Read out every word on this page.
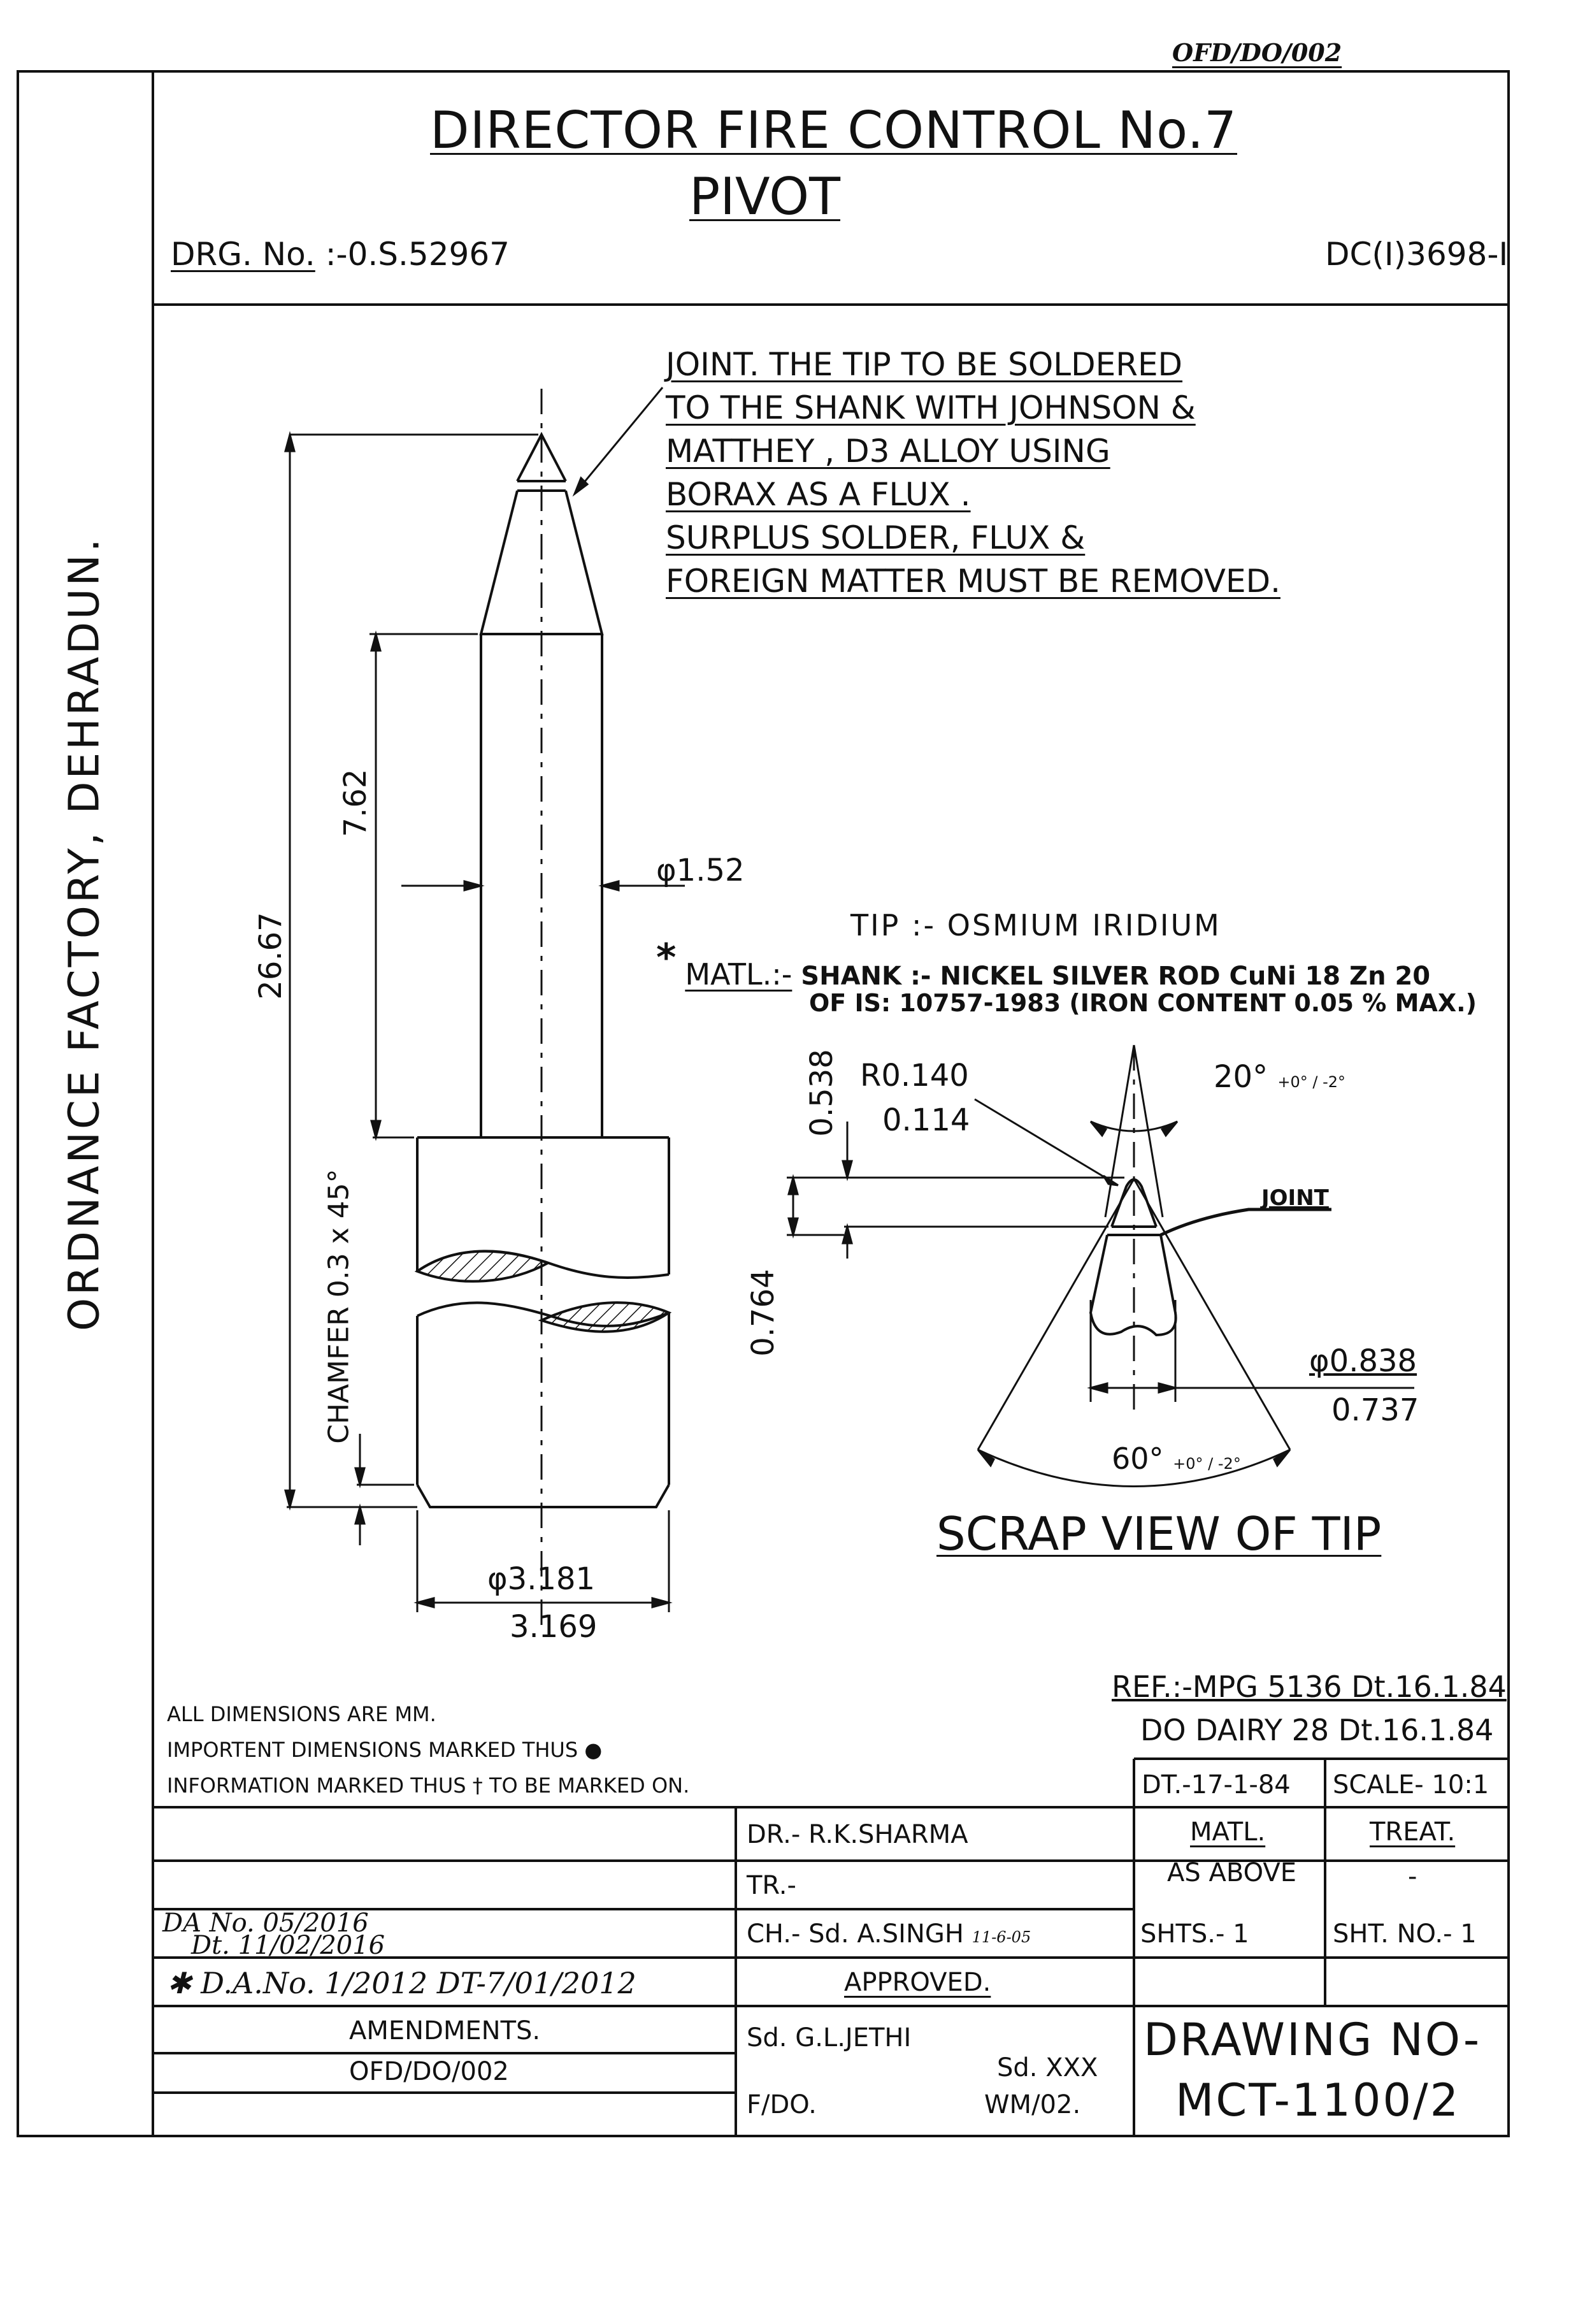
OFD/DO/002
DIRECTOR FIRE CONTROL No.7
PIVOT
DRG. No. :-0.S.52967	DC(I)3698-I
ORDNANCE FACTORY, DEHRADUN.
JOINT. THE TIP TO BE SOLDERED
TO THE SHANK WITH JOHNSON &
MATTHEY , D3 ALLOY USING
BORAX AS A FLUX .
SURPLUS SOLDER, FLUX &
FOREIGN MATTER MUST BE REMOVED.
26.67
7.62
φ1.52
CHAMFER 0.3 x 45°
φ3.181
3.169
TIP :- OSMIUM IRIDIUM
* MATL.:- SHANK :- NICKEL SILVER ROD CuNi 18 Zn 20
OF IS: 10757-1983 (IRON CONTENT 0.05 % MAX.)
R0.140
0.114
0.538
0.764
20° +0° / -2°
JOINT
φ0.838
0.737
60° +0° / -2°
SCRAP VIEW OF TIP
ALL DIMENSIONS ARE MM.
IMPORTENT DIMENSIONS MARKED THUS ●
INFORMATION MARKED THUS † TO BE MARKED ON.
REF.:-MPG 5136 Dt.16.1.84
DO DAIRY 28 Dt.16.1.84
DT.-17-1-84 SCALE- 10:1
DR.- R.K.SHARMA
TR.-
CH.- Sd. A.SINGH 11-6-05
MATL.
AS ABOVE
TREAT.
-
SHTS.- 1	SHT. NO.- 1
APPROVED.
Sd. G.L.JETHI
F/DO.
Sd. XXX
WM/02.
DRAWING NO-
MCT-1100/2
DA No. 05/2016
Dt. 11/02/2016
✱ D.A.No. 1/2012 DT-7/01/2012
AMENDMENTS.
OFD/DO/002
